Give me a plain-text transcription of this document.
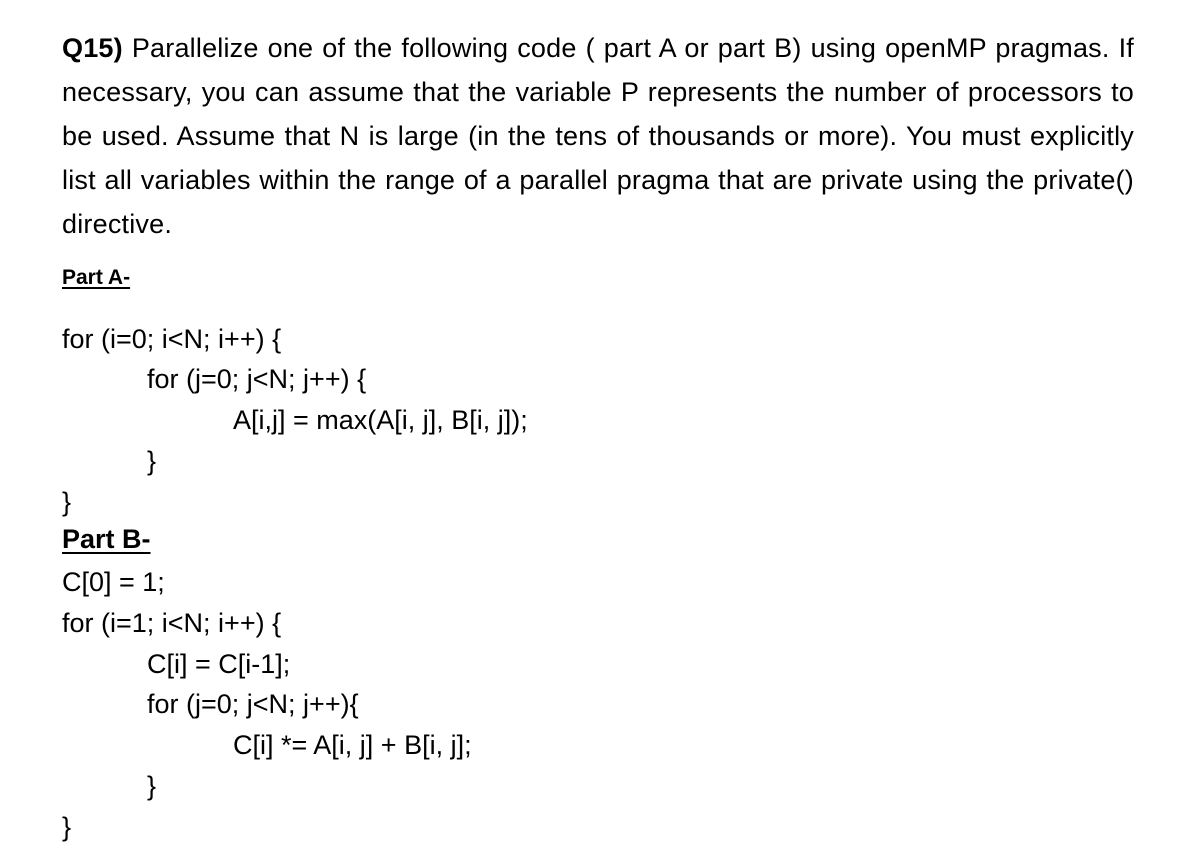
Q15) Parallelize one of the following code ( part A or part B) using openMP pragmas. If necessary, you can assume that the variable P represents the number of processors to be used. Assume that N is large (in the tens of thousands or more). You must explicitly list all variables within the range of a parallel pragma that are private using the private() directive.
Part A-
for (i=0; i<N; i++) {
for (j=0; j<N; j++) {
A[i,j] = max(A[i, j], B[i, j]);
}
}
Part B-
C[0] = 1;
for (i=1; i<N; i++) {
C[i] = C[i-1];
for (j=0; j<N; j++){
C[i] *= A[i, j] + B[i, j];
}
}
